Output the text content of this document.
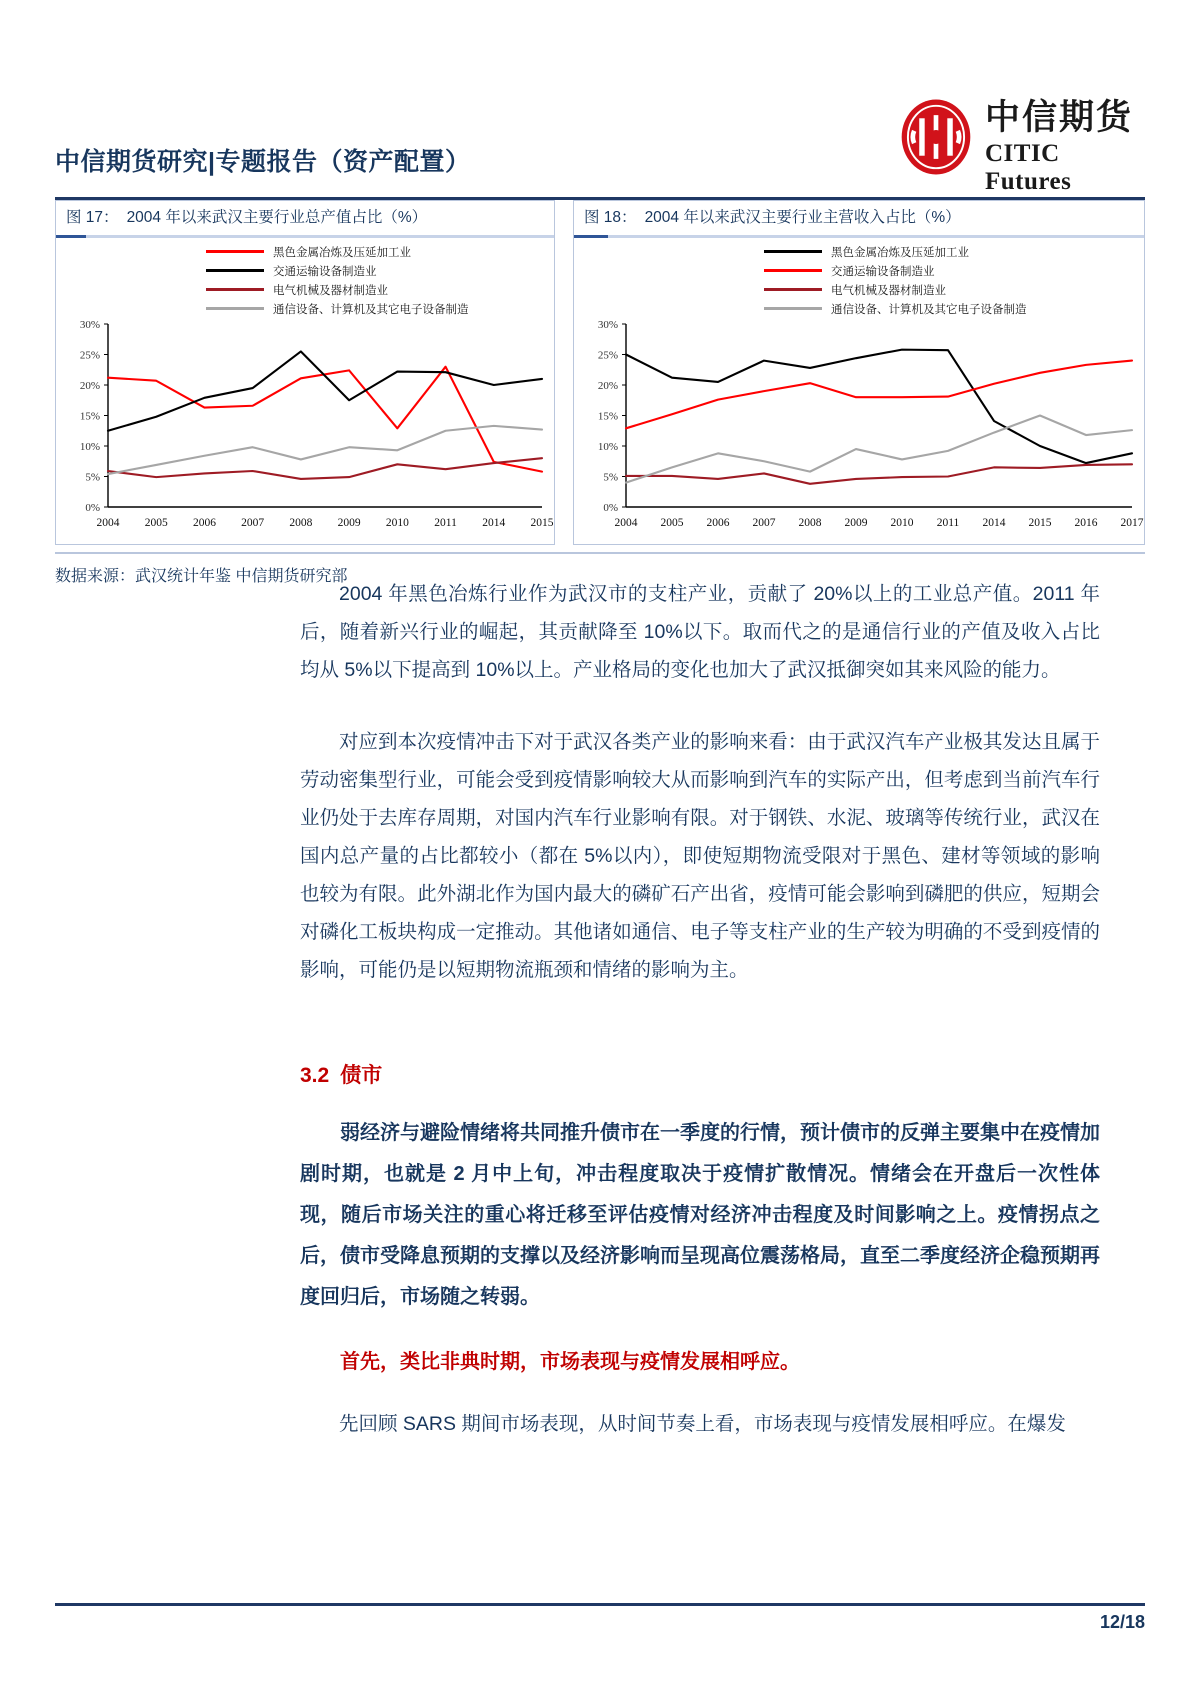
中信期货研究|专题报告（资产配置）
中信期货
CITIC Futures
图 17： 2004 年以来武汉主要行业总产值占比（%）
黑色金属冶炼及压延加工业
交通运输设备制造业
电气机械及器材制造业
通信设备、计算机及其它电子设备制造
0%
5%
10%
15%
20%
25%
30%
2004 2005 2006 2007 2008 2009 2010 2011 2014 2015
图 18： 2004 年以来武汉主要行业主营收入占比（%）
黑色金属冶炼及压延加工业
交通运输设备制造业
电气机械及器材制造业
通信设备、计算机及其它电子设备制造
0%
5%
10%
15%
20%
25%
30%
2004 2005 2006 2007 2008 2009 2010 2011 2014 2015 2016 2017
数据来源：武汉统计年鉴 中信期货研究部

2004 年黑色冶炼行业作为武汉市的支柱产业，贡献了 20%以上的工业总产值。2011 年后，随着新兴行业的崛起，其贡献降至 10%以下。取而代之的是通信行业的产值及收入占比均从 5%以下提高到 10%以上。产业格局的变化也加大了武汉抵御突如其来风险的能力。

对应到本次疫情冲击下对于武汉各类产业的影响来看：由于武汉汽车产业极其发达且属于劳动密集型行业，可能会受到疫情影响较大从而影响到汽车的实际产出，但考虑到当前汽车行业仍处于去库存周期，对国内汽车行业影响有限。对于钢铁、水泥、玻璃等传统行业，武汉在国内总产量的占比都较小（都在 5%以内），即使短期物流受限对于黑色、建材等领域的影响也较为有限。此外湖北作为国内最大的磷矿石产出省，疫情可能会影响到磷肥的供应，短期会对磷化工板块构成一定推动。其他诸如通信、电子等支柱产业的生产较为明确的不受到疫情的影响，可能仍是以短期物流瓶颈和情绪的影响为主。

3.2 债市

弱经济与避险情绪将共同推升债市在一季度的行情，预计债市的反弹主要集中在疫情加剧时期，也就是 2 月中上旬，冲击程度取决于疫情扩散情况。情绪会在开盘后一次性体现，随后市场关注的重心将迁移至评估疫情对经济冲击程度及时间影响之上。疫情拐点之后，债市受降息预期的支撑以及经济影响而呈现高位震荡格局，直至二季度经济企稳预期再度回归后，市场随之转弱。

首先，类比非典时期，市场表现与疫情发展相呼应。

先回顾 SARS 期间市场表现，从时间节奏上看，市场表现与疫情发展相呼应。在爆发

12/18
